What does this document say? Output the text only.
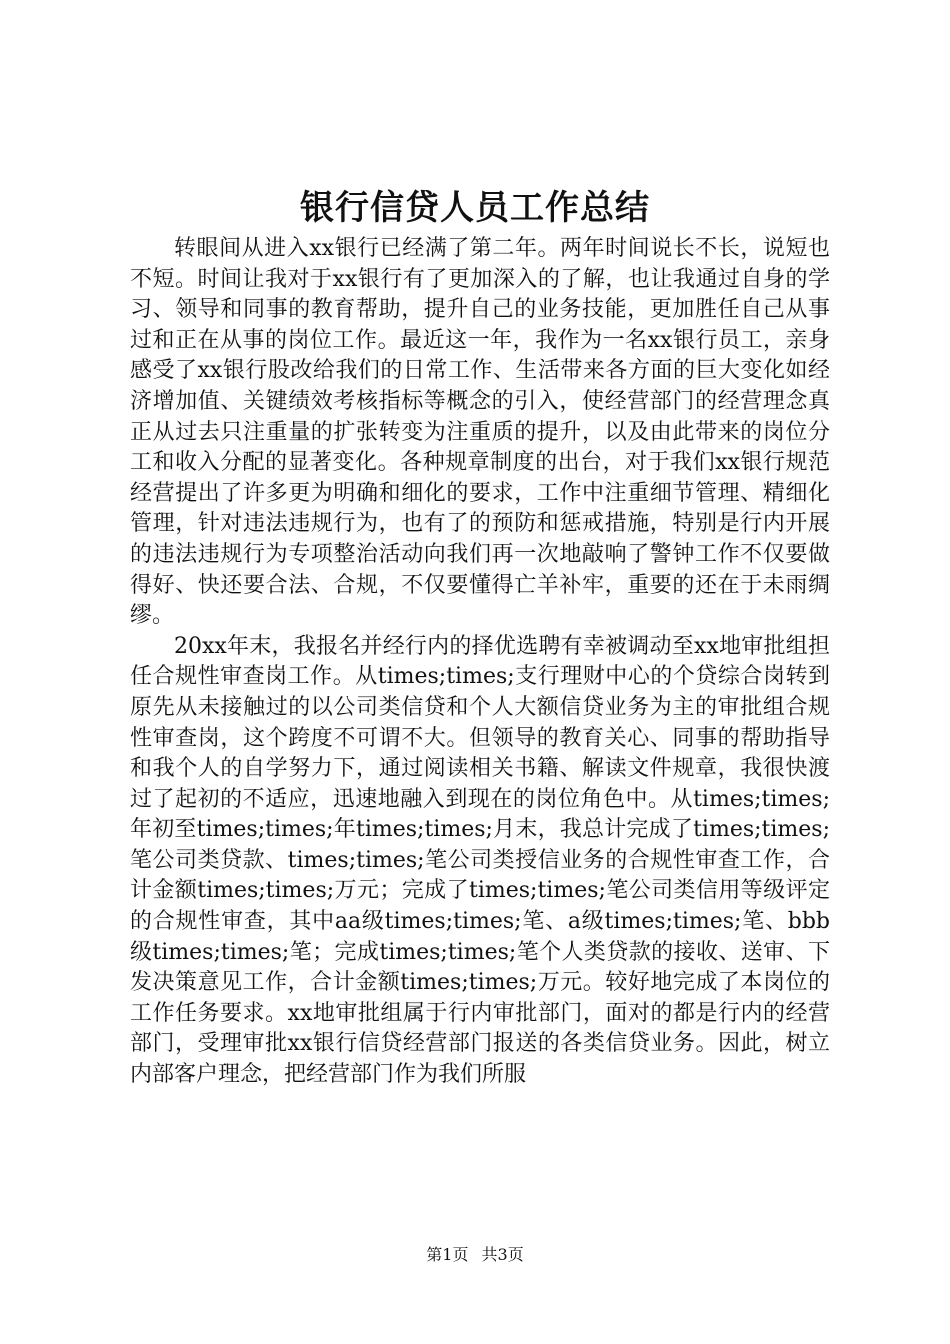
银行信贷人员工作总结

转眼间从进入xx银行已经满了第二年。两年时间说长不长，说短也不短。时间让我对于xx银行有了更加深入的了解，也让我通过自身的学习、领导和同事的教育帮助，提升自己的业务技能，更加胜任自己从事过和正在从事的岗位工作。最近这一年，我作为一名xx银行员工，亲身感受了xx银行股改给我们的日常工作、生活带来各方面的巨大变化如经济增加值、关键绩效考核指标等概念的引入，使经营部门的经营理念真正从过去只注重量的扩张转变为注重质的提升，以及由此带来的岗位分工和收入分配的显著变化。各种规章制度的出台，对于我们xx银行规范经营提出了许多更为明确和细化的要求，工作中注重细节管理、精细化管理，针对违法违规行为，也有了的预防和惩戒措施，特别是行内开展的违法违规行为专项整治活动向我们再一次地敲响了警钟工作不仅要做得好、快还要合法、合规，不仅要懂得亡羊补牢，重要的还在于未雨绸缪。

20xx年末，我报名并经行内的择优选聘有幸被调动至xx地审批组担任合规性审查岗工作。从times;times;支行理财中心的个贷综合岗转到原先从未接触过的以公司类信贷和个人大额信贷业务为主的审批组合规性审查岗，这个跨度不可谓不大。但领导的教育关心、同事的帮助指导和我个人的自学努力下，通过阅读相关书籍、解读文件规章，我很快渡过了起初的不适应，迅速地融入到现在的岗位角色中。从times;times;年初至times;times;年times;times;月末，我总计完成了times;times;笔公司类贷款、times;times;笔公司类授信业务的合规性审查工作，合计金额times;times;万元；完成了times;times;笔公司类信用等级评定的合规性审查，其中aa级times;times;笔、a级times;times;笔、bbb级times;times;笔；完成times;times;笔个人类贷款的接收、送审、下发决策意见工作，合计金额times;times;万元。较好地完成了本岗位的工作任务要求。xx地审批组属于行内审批部门，面对的都是行内的经营部门，受理审批xx银行信贷经营部门报送的各类信贷业务。因此，树立内部客户理念，把经营部门作为我们所服

第1页 共3页
